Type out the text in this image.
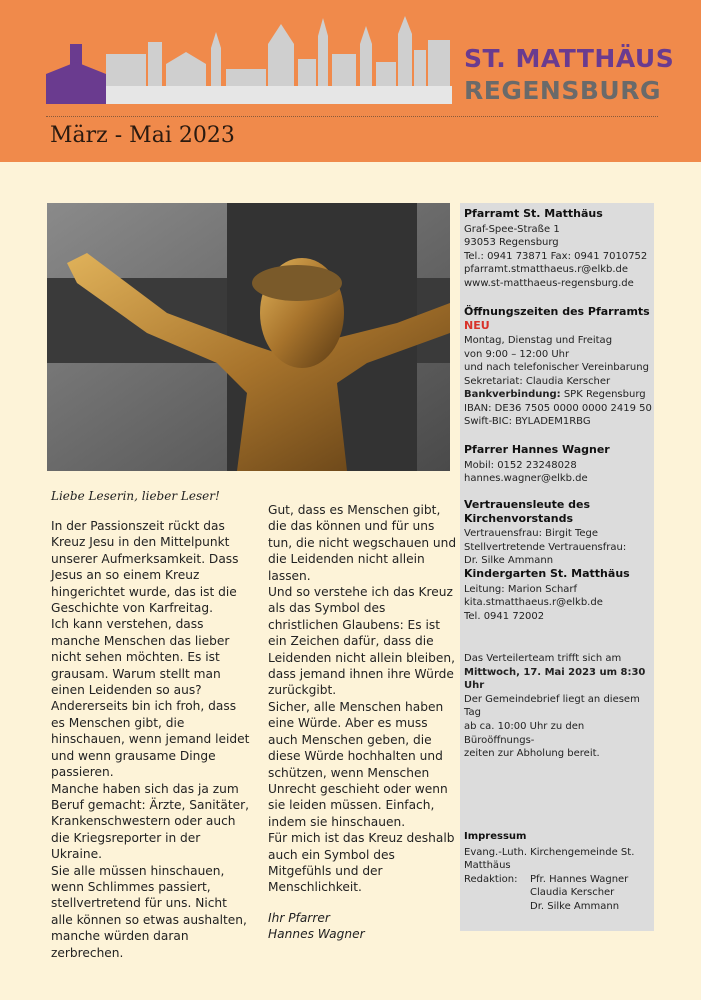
ST. MATTHÄUS
REGENSBURG
März - Mai 2023
Liebe Leserin, lieber Leser!

In der Passionszeit rückt das Kreuz Jesu in den Mittelpunkt unserer Aufmerksamkeit. Dass Jesus an so einem Kreuz hingerichtet wurde, das ist die Geschichte von Karfreitag.

Ich kann verstehen, dass manche Menschen das lieber nicht sehen möchten. Es ist grausam. Warum stellt man einen Leidenden so aus?

Andererseits bin ich froh, dass es Menschen gibt, die hinschauen, wenn jemand leidet und wenn grausame Dinge passieren.

Manche haben sich das ja zum Beruf gemacht: Ärzte, Sanitäter, Krankenschwestern oder auch die Kriegsreporter in der Ukraine.

Sie alle müssen hinschauen, wenn Schlimmes passiert, stellvertretend für uns. Nicht alle können so etwas aushalten, manche würden daran zerbrechen.

Gut, dass es Menschen gibt, die das können und für uns tun, die nicht wegschauen und die Leidenden nicht allein lassen.

Und so verstehe ich das Kreuz als das Symbol des christlichen Glaubens: Es ist ein Zeichen dafür, dass die Leidenden nicht allein bleiben, dass jemand ihnen ihre Würde zurückgibt.

Sicher, alle Menschen haben eine Würde. Aber es muss auch Menschen geben, die diese Würde hochhalten und schützen, wenn Menschen Unrecht geschieht oder wenn sie leiden müssen. Einfach, indem sie hinschauen.

Für mich ist das Kreuz deshalb auch ein Symbol des Mitgefühls und der Menschlichkeit.

Ihr Pfarrer

Hannes Wagner

Pfarramt St. Matthäus
Graf-Spee-Straße 1
93053 Regensburg
Tel.: 0941 73871 Fax: 0941 7010752
pfarramt.stmatthaeus.r@elkb.de
www.st-matthaeus-regensburg.de
Öffnungszeiten des Pfarramts NEU
Montag, Dienstag und Freitag
von 9:00 – 12:00 Uhr
und nach telefonischer Vereinbarung
Sekretariat: Claudia Kerscher
Bankverbindung: SPK Regensburg
IBAN: DE36 7505 0000 0000 2419 50
Swift-BIC: BYLADEM1RBG
Pfarrer Hannes Wagner
Mobil: 0152 23248028
hannes.wagner@elkb.de
Vertrauensleute des Kirchenvorstands
Vertrauensfrau: Birgit Tege
Stellvertretende Vertrauensfrau:
Dr. Silke Ammann
Kindergarten St. Matthäus
Leitung: Marion Scharf
kita.stmatthaeus.r@elkb.de
Tel. 0941 72002
Das Verteilerteam trifft sich am
Mittwoch, 17. Mai 2023 um 8:30 Uhr
Der Gemeindebrief liegt an diesem Tag
ab ca. 10:00 Uhr zu den Büroöffnungs-
zeiten zur Abholung bereit.
Impressum
Evang.-Luth. Kirchengemeinde St. Matthäus
Redaktion:	Pfr. Hannes Wagner
Claudia Kerscher
Dr. Silke Ammann
